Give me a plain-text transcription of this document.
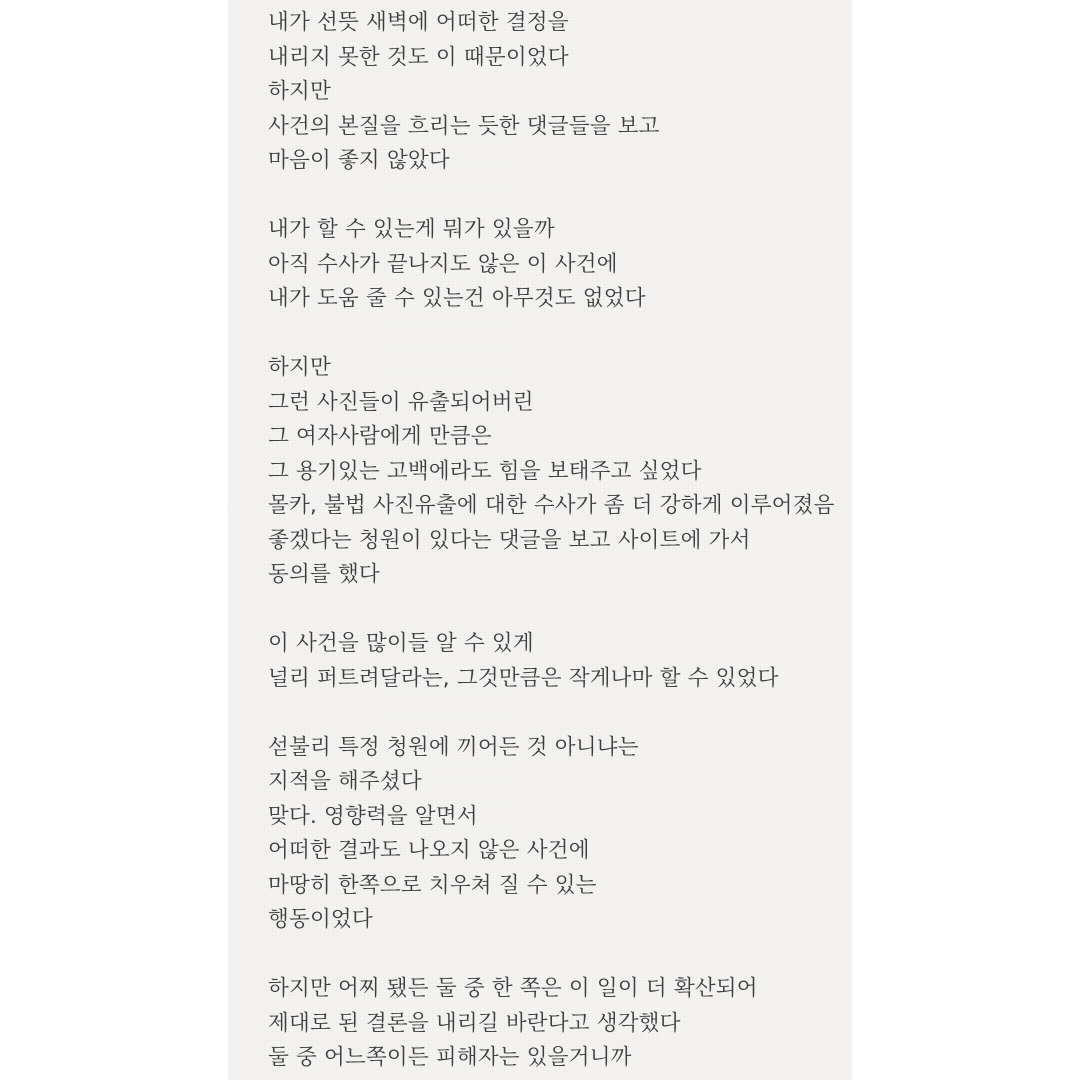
내가 선뜻 새벽에 어떠한 결정을
내리지 못한 것도 이 때문이었다
하지만
사건의 본질을 흐리는 듯한 댓글들을 보고
마음이 좋지 않았다
내가 할 수 있는게 뭐가 있을까
아직 수사가 끝나지도 않은 이 사건에
내가 도움 줄 수 있는건 아무것도 없었다
하지만
그런 사진들이 유출되어버린
그 여자사람에게 만큼은
그 용기있는 고백에라도 힘을 보태주고 싶었다
몰카, 불법 사진유출에 대한 수사가 좀 더 강하게 이루어졌음
좋겠다는 청원이 있다는 댓글을 보고 사이트에 가서
동의를 했다
이 사건을 많이들 알 수 있게
널리 퍼트려달라는, 그것만큼은 작게나마 할 수 있었다
섣불리 특정 청원에 끼어든 것 아니냐는
지적을 해주셨다
맞다. 영향력을 알면서
어떠한 결과도 나오지 않은 사건에
마땅히 한쪽으로 치우쳐 질 수 있는
행동이었다
하지만 어찌 됐든 둘 중 한 쪽은 이 일이 더 확산되어
제대로 된 결론을 내리길 바란다고 생각했다
둘 중 어느쪽이든 피해자는 있을거니까
